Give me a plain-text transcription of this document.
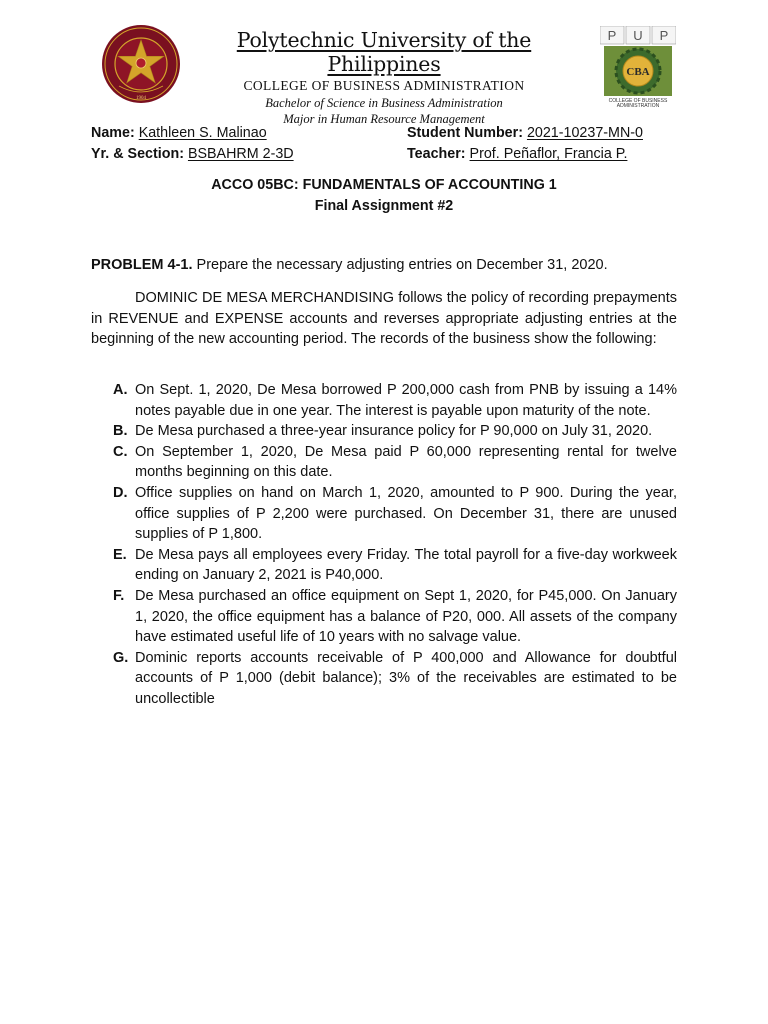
1904
Polytechnic University of the Philippines
COLLEGE OF BUSINESS ADMINISTRATION
Bachelor of Science in Business Administration
Major in Human Resource Management
P U P
CBA
COLLEGE OF BUSINESS
ADMINISTRATION
Name: Kathleen S. Malinao
Yr. & Section: BSBAHRM 2-3D
Student Number: 2021-10237-MN-0
Teacher: Prof. Peñaflor, Francia P.
ACCO 05BC: FUNDAMENTALS OF ACCOUNTING 1
Final Assignment #2
PROBLEM 4-1. Prepare the necessary adjusting entries on December 31, 2020.
DOMINIC DE MESA MERCHANDISING follows the policy of recording prepayments in REVENUE and EXPENSE accounts and reverses appropriate adjusting entries at the beginning of the new accounting period. The records of the business show the following:
A. On Sept. 1, 2020, De Mesa borrowed P 200,000 cash from PNB by issuing a 14% notes payable due in one year. The interest is payable upon maturity of the note.
B. De Mesa purchased a three-year insurance policy for P 90,000 on July 31, 2020.
C. On September 1, 2020, De Mesa paid P 60,000 representing rental for twelve months beginning on this date.
D. Office supplies on hand on March 1, 2020, amounted to P 900. During the year, office supplies of P 2,200 were purchased. On December 31, there are unused supplies of P 1,800.
E. De Mesa pays all employees every Friday. The total payroll for a five-day workweek ending on January 2, 2021 is P40,000.
F. De Mesa purchased an office equipment on Sept 1, 2020, for P45,000. On January 1, 2020, the office equipment has a balance of P20, 000. All assets of the company have estimated useful life of 10 years with no salvage value.
G. Dominic reports accounts receivable of P 400,000 and Allowance for doubtful accounts of P 1,000 (debit balance); 3% of the receivables are estimated to be uncollectible
